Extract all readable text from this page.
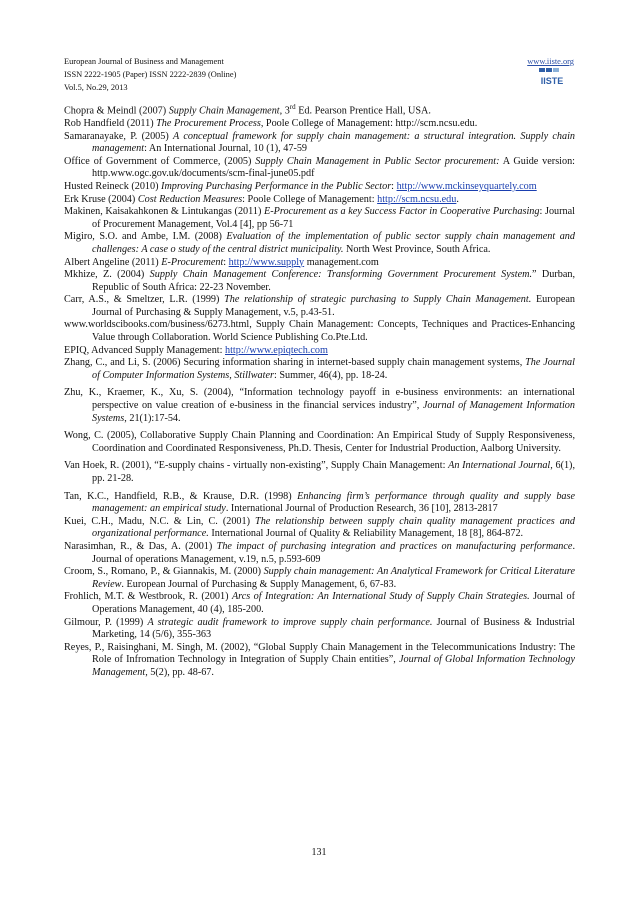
European Journal of Business and Management
ISSN 2222-1905 (Paper) ISSN 2222-2839 (Online)
Vol.5, No.29, 2013
www.iiste.org
IISTE
Chopra & Meindl (2007) Supply Chain Management, 3rd Ed. Pearson Prentice Hall, USA.
Rob Handfield (2011) The Procurement Process, Poole College of Management: http://scm.ncsu.edu.
Samaranayake, P. (2005) A conceptual framework for supply chain management: a structural integration. Supply chain management: An International Journal, 10 (1), 47-59
Office of Government of Commerce, (2005) Supply Chain Management in Public Sector procurement: A Guide version: http.www.ogc.gov.uk/documents/scm-final-june05.pdf
Husted Reineck (2010) Improving Purchasing Performance in the Public Sector: http://www.mckinseyquartely.com
Erk Kruse (2004) Cost Reduction Measures: Poole College of Management: http://scm.ncsu.edu.
Makinen, Kaisakahkonen & Lintukangas (2011) E-Procurement as a key Success Factor in Cooperative Purchasing: Journal of Procurement Management, Vol.4 [4], pp 56-71
Migiro, S.O. and Ambe, I.M. (2008) Evaluation of the implementation of public sector supply chain management and challenges: A case o study of the central district municipality. North West Province, South Africa.
Albert Angeline (2011) E-Procurement: http://www.supply management.com
Mkhize, Z. (2004) Supply Chain Management Conference: Transforming Government Procurement System.” Durban, Republic of South Africa: 22-23 November.
Carr, A.S., & Smeltzer, L.R. (1999) The relationship of strategic purchasing to Supply Chain Management. European Journal of Purchasing & Supply Management, v.5, p.43-51.
www.worldscibooks.com/business/6273.html, Supply Chain Management: Concepts, Techniques and Practices-Enhancing Value through Collaboration. World Science Publishing Co.Pte.Ltd.
EPIQ, Advanced Supply Management: http://www.epiqtech.com
Zhang, C., and Li, S. (2006) Securing information sharing in internet-based supply chain management systems, The Journal of Computer Information Systems, Stillwater: Summer, 46(4), pp. 18-24.
Zhu, K., Kraemer, K., Xu, S. (2004), “Information technology payoff in e-business environments: an international perspective on value creation of e-business in the financial services industry”, Journal of Management Information Systems, 21(1):17-54.
Wong, C. (2005), Collaborative Supply Chain Planning and Coordination: An Empirical Study of Supply Responsiveness, Coordination and Coordinated Responsiveness, Ph.D. Thesis, Center for Industrial Production, Aalborg University.
Van Hoek, R. (2001), “E-supply chains - virtually non-existing”, Supply Chain Management: An International Journal, 6(1), pp. 21-28.
Tan, K.C., Handfield, R.B., & Krause, D.R. (1998) Enhancing firm’s performance through quality and supply base management: an empirical study. International Journal of Production Research, 36 [10], 2813-2817
Kuei, C.H., Madu, N.C. & Lin, C. (2001) The relationship between supply chain quality management practices and organizational performance. International Journal of Quality & Reliability Management, 18 [8], 864-872.
Narasimhan, R., & Das, A. (2001) The impact of purchasing integration and practices on manufacturing performance. Journal of operations Management, v.19, n.5, p.593-609
Croom, S., Romano, P., & Giannakis, M. (2000) Supply chain management: An Analytical Framework for Critical Literature Review. European Journal of Purchasing & Supply Management, 6, 67-83.
Frohlich, M.T. & Westbrook, R. (2001) Arcs of Integration: An International Study of Supply Chain Strategies. Journal of Operations Management, 40 (4), 185-200.
Gilmour, P. (1999) A strategic audit framework to improve supply chain performance. Journal of Business & Industrial Marketing, 14 (5/6), 355-363
Reyes, P., Raisinghani, M. Singh, M. (2002), “Global Supply Chain Management in the Telecommunications Industry: The Role of Infromation Technology in Integration of Supply Chain entities”, Journal of Global Information Technology Management, 5(2), pp. 48-67.
131
